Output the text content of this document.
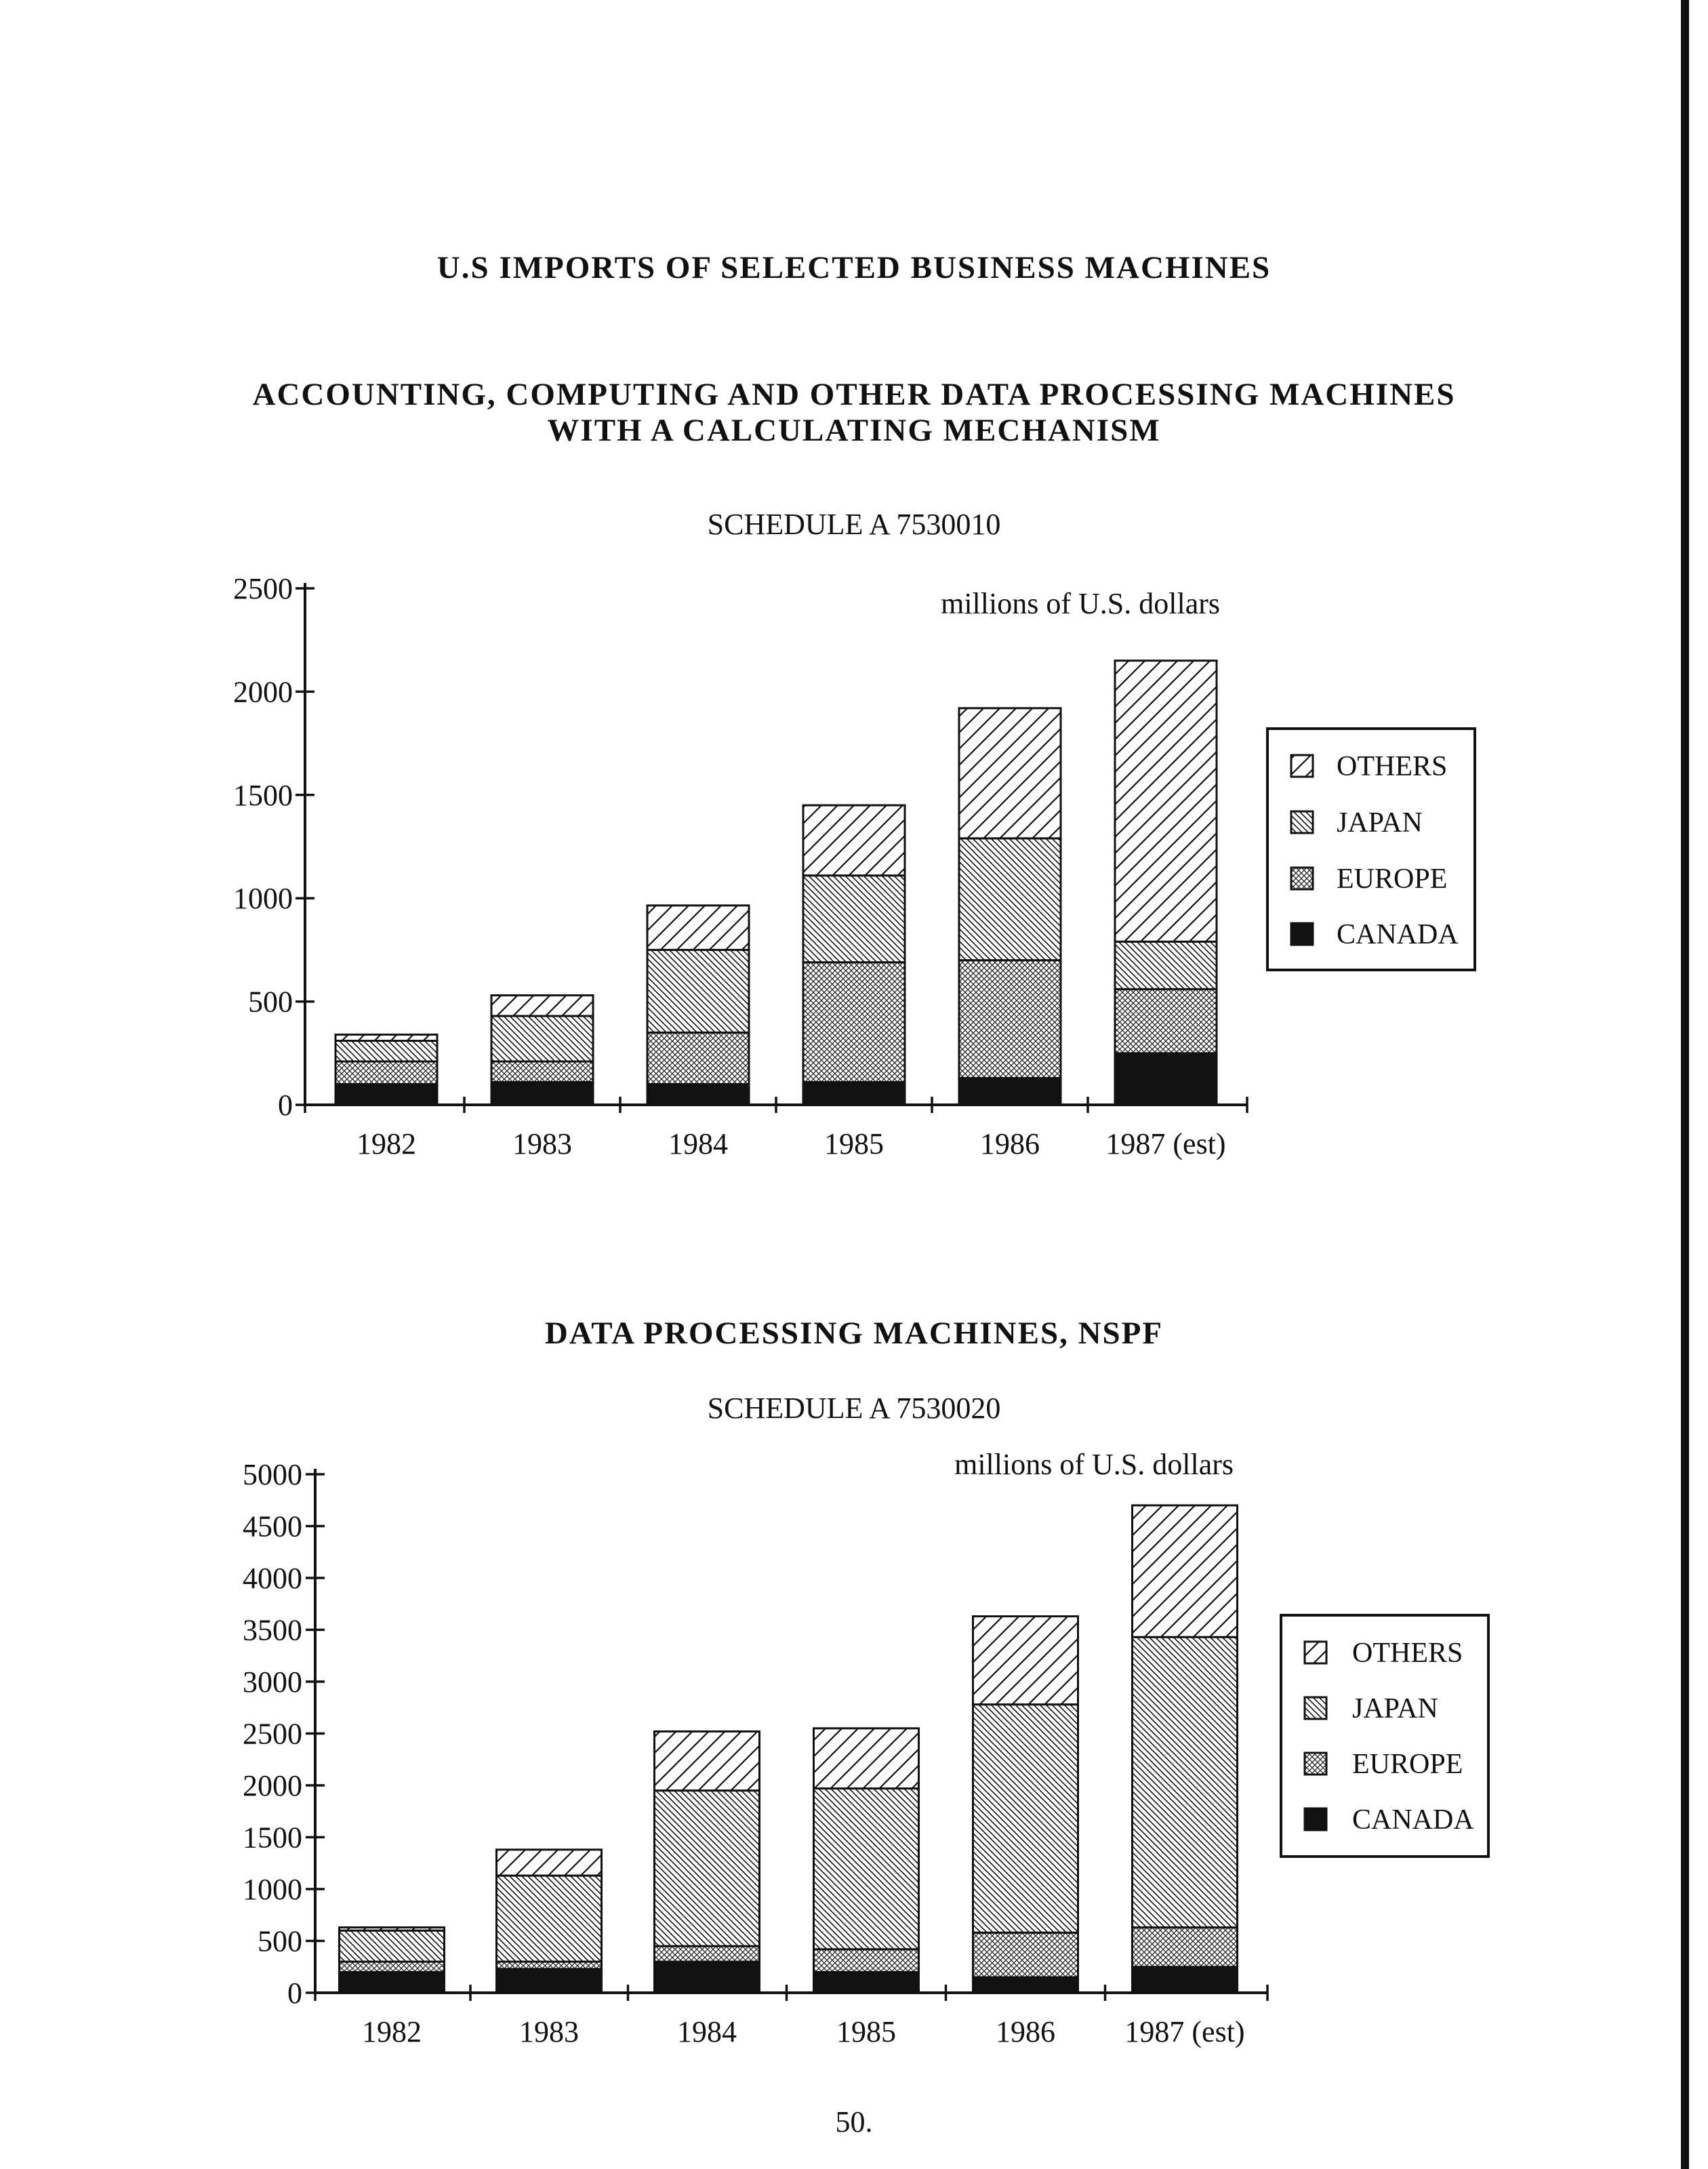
U.S IMPORTS OF SELECTED BUSINESS MACHINES
ACCOUNTING, COMPUTING AND OTHER DATA PROCESSING MACHINES
WITH A CALCULATING MECHANISM
SCHEDULE A 7530010
DATA PROCESSING MACHINES, NSPF
SCHEDULE A 7530020
50.
0
500
1000
1500
2000
2500
1982	1983	1984	1985	1986 1987 (est)
millions of U.S. dollars
OTHERS
JAPAN
EUROPE
CANADA
0
500
1000
1500
2000
2500
3000
3500
4000
4500
5000
1982	1983	1984	1985	1986 1987 (est)
millions of U.S. dollars
OTHERS
JAPAN
EUROPE
CANADA
